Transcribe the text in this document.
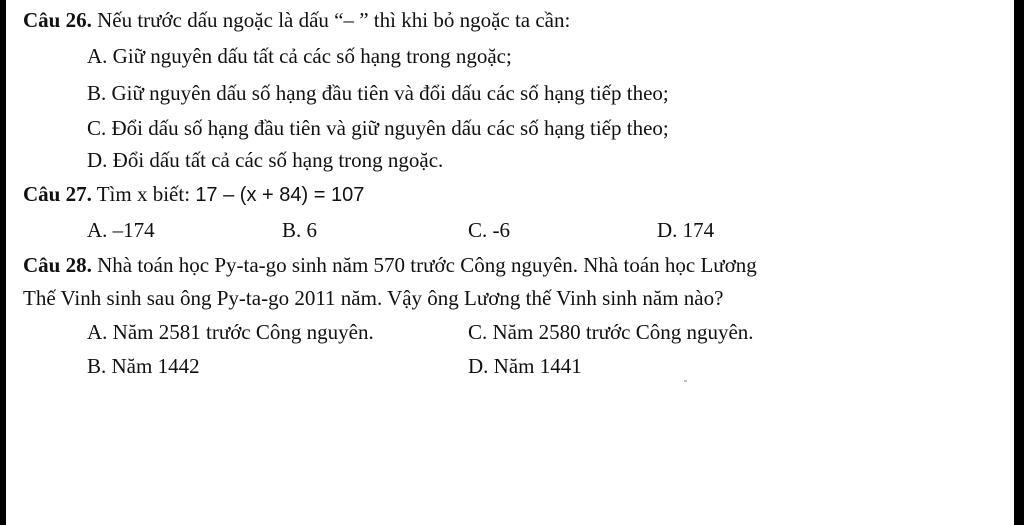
Câu 26. Nếu trước dấu ngoặc là dấu “– ” thì khi bỏ ngoặc ta cần:
A. Giữ nguyên dấu tất cả các số hạng trong ngoặc;
B. Giữ nguyên dấu số hạng đầu tiên và đổi dấu các số hạng tiếp theo;
C. Đổi dấu số hạng đầu tiên và giữ nguyên dấu các số hạng tiếp theo;
D. Đổi dấu tất cả các số hạng trong ngoặc.
Câu 27. Tìm x biết: 17 – (x + 84) = 107
A. –174	B. 6	C. -6	D. 174
Câu 28. Nhà toán học Py-ta-go sinh năm 570 trước Công nguyên. Nhà toán học Lương
Thế Vinh sinh sau ông Py-ta-go 2011 năm. Vậy ông Lương thế Vinh sinh năm nào?
A. Năm 2581 trước Công nguyên.	C. Năm 2580 trước Công nguyên.
B. Năm 1442	D. Năm 1441
